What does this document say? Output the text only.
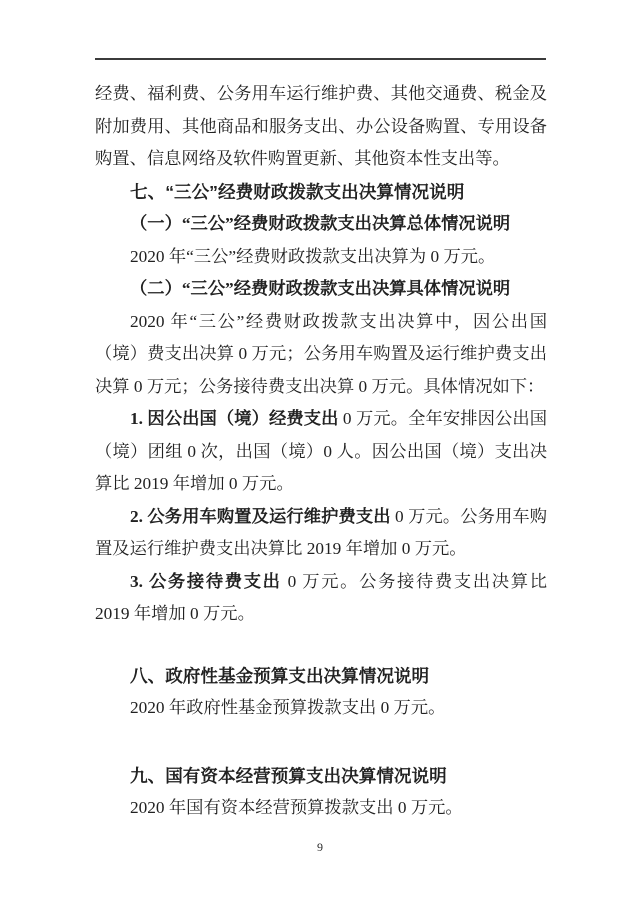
经费、福利费、公务用车运行维护费、其他交通费、税金及附加费用、其他商品和服务支出、办公设备购置、专用设备购置、信息网络及软件购置更新、其他资本性支出等。

七、“三公”经费财政拨款支出决算情况说明

（一）“三公”经费财政拨款支出决算总体情况说明

2020 年“三公”经费财政拨款支出决算为 0 万元。

（二）“三公”经费财政拨款支出决算具体情况说明

2020 年“三公”经费财政拨款支出决算中，因公出国（境）费支出决算 0 万元；公务用车购置及运行维护费支出决算 0 万元；公务接待费支出决算 0 万元。具体情况如下：

1. 因公出国（境）经费支出 0 万元。全年安排因公出国（境）团组 0 次，出国（境）0 人。因公出国（境）支出决算比 2019 年增加 0 万元。

2. 公务用车购置及运行维护费支出 0 万元。公务用车购置及运行维护费支出决算比 2019 年增加 0 万元。

3. 公务接待费支出 0 万元。公务接待费支出决算比 2019 年增加 0 万元。

八、政府性基金预算支出决算情况说明

2020 年政府性基金预算拨款支出 0 万元。

九、国有资本经营预算支出决算情况说明

2020 年国有资本经营预算拨款支出 0 万元。

9
